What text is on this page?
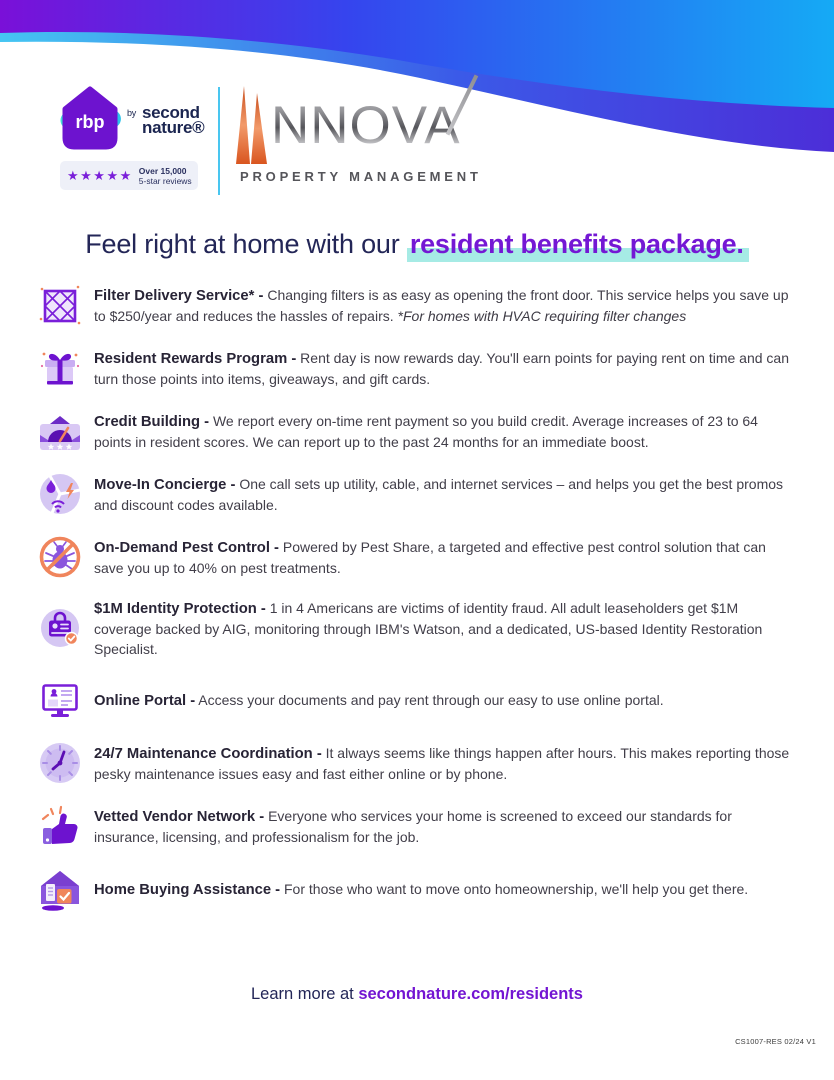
rbp	by second
nature®
★★★★★ Over 15,000
5-star reviews
NNOVA
PROPERTY MANAGEMENT
Feel right at home with our resident benefits package.

Filter Delivery Service* - Changing filters is as easy as opening the front door. This service helps you save up to $250/year and reduces the hassles of repairs. *For homes with HVAC requiring filter changes

Resident Rewards Program - Rent day is now rewards day. You'll earn points for paying rent on time and can turn those points into items, giveaways, and gift cards.

Credit Building - We report every on-time rent payment so you build credit. Average increases of 23 to 64 points in resident scores. We can report up to the past 24 months for an immediate boost.

Move-In Concierge - One call sets up utility, cable, and internet services – and helps you get the best promos and discount codes available.

On-Demand Pest Control - Powered by Pest Share, a targeted and effective pest control solution that can save you up to 40% on pest treatments.

$1M Identity Protection - 1 in 4 Americans are victims of identity fraud. All adult leaseholders get $1M coverage backed by AIG, monitoring through IBM's Watson, and a dedicated, US-based Identity Restoration Specialist.

Online Portal - Access your documents and pay rent through our easy to use online portal.

24/7 Maintenance Coordination - It always seems like things happen after hours. This makes reporting those pesky maintenance issues easy and fast either online or by phone.

Vetted Vendor Network - Everyone who services your home is screened to exceed our standards for insurance, licensing, and professionalism for the job.

Home Buying Assistance - For those who want to move onto homeownership, we'll help you get there.

Learn more at secondnature.com/residents
CS1007-RES 02/24 V1
